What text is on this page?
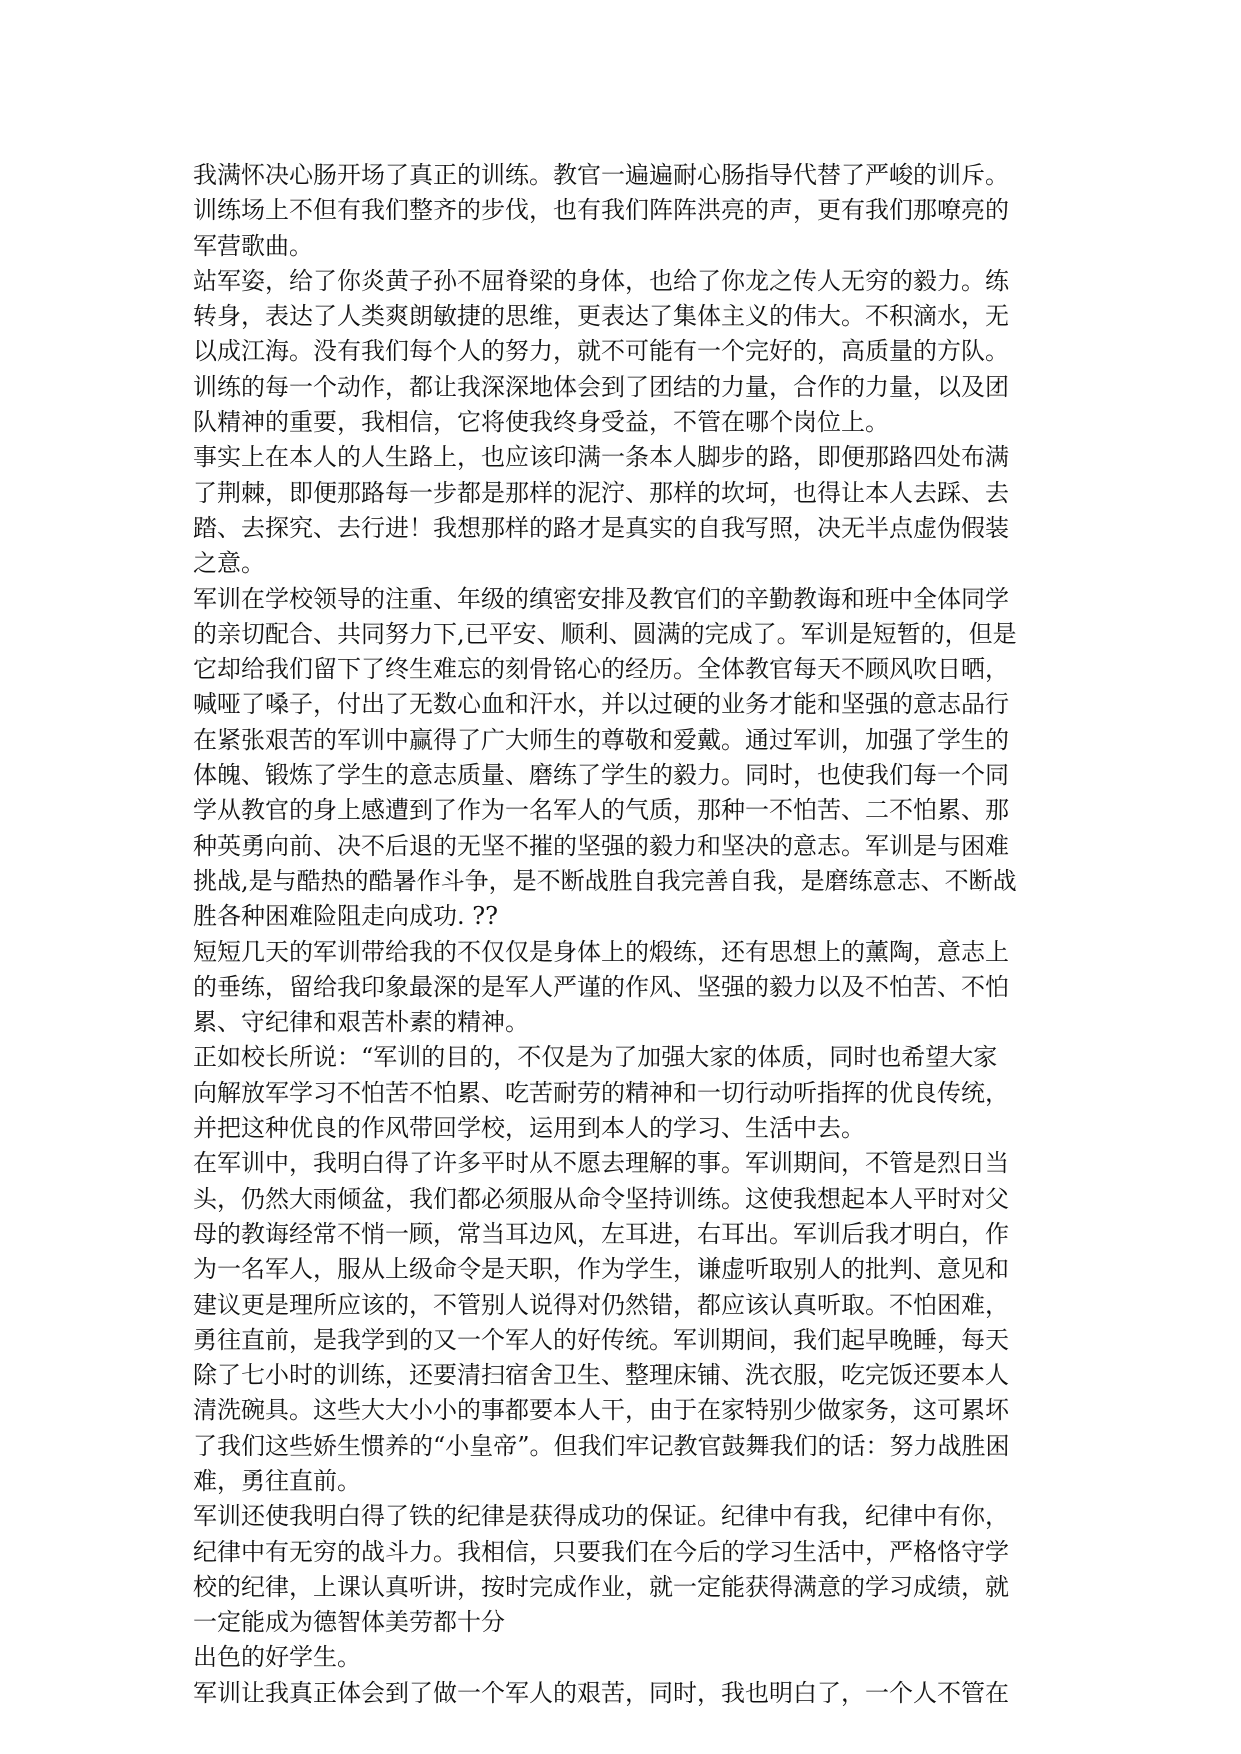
我满怀决心肠开场了真正的训练。教官一遍遍耐心肠指导代替了严峻的训斥。
训练场上不但有我们整齐的步伐，也有我们阵阵洪亮的声，更有我们那嘹亮的
军营歌曲。
站军姿，给了你炎黄子孙不屈脊梁的身体，也给了你龙之传人无穷的毅力。练
转身，表达了人类爽朗敏捷的思维，更表达了集体主义的伟大。不积滴水，无
以成江海。没有我们每个人的努力，就不可能有一个完好的，高质量的方队。
训练的每一个动作，都让我深深地体会到了团结的力量，合作的力量，以及团
队精神的重要，我相信，它将使我终身受益，不管在哪个岗位上。
事实上在本人的人生路上，也应该印满一条本人脚步的路，即便那路四处布满
了荆棘，即便那路每一步都是那样的泥泞、那样的坎坷，也得让本人去踩、去
踏、去探究、去行进！我想那样的路才是真实的自我写照，决无半点虚伪假装
之意。
军训在学校领导的注重、年级的缜密安排及教官们的辛勤教诲和班中全体同学
的亲切配合、共同努力下,已平安、顺利、圆满的完成了。军训是短暂的，但是
它却给我们留下了终生难忘的刻骨铭心的经历。全体教官每天不顾风吹日晒，
喊哑了嗓子，付出了无数心血和汗水，并以过硬的业务才能和坚强的意志品行
在紧张艰苦的军训中赢得了广大师生的尊敬和爱戴。通过军训，加强了学生的
体魄、锻炼了学生的意志质量、磨练了学生的毅力。同时，也使我们每一个同
学从教官的身上感遭到了作为一名军人的气质，那种一不怕苦、二不怕累、那
种英勇向前、决不后退的无坚不摧的坚强的毅力和坚决的意志。军训是与困难
挑战,是与酷热的酷暑作斗争，是不断战胜自我完善自我，是磨练意志、不断战
胜各种困难险阻走向成功. ??
短短几天的军训带给我的不仅仅是身体上的煅练，还有思想上的薰陶，意志上
的垂练，留给我印象最深的是军人严谨的作风、坚强的毅力以及不怕苦、不怕
累、守纪律和艰苦朴素的精神。
正如校长所说：“军训的目的，不仅是为了加强大家的体质，同时也希望大家
向解放军学习不怕苦不怕累、吃苦耐劳的精神和一切行动听指挥的优良传统，
并把这种优良的作风带回学校，运用到本人的学习、生活中去。
在军训中，我明白得了许多平时从不愿去理解的事。军训期间，不管是烈日当
头，仍然大雨倾盆，我们都必须服从命令坚持训练。这使我想起本人平时对父
母的教诲经常不悄一顾，常当耳边风，左耳进，右耳出。军训后我才明白，作
为一名军人，服从上级命令是天职，作为学生，谦虚听取别人的批判、意见和
建议更是理所应该的，不管别人说得对仍然错，都应该认真听取。不怕困难，
勇往直前，是我学到的又一个军人的好传统。军训期间，我们起早晚睡，每天
除了七小时的训练，还要清扫宿舍卫生、整理床铺、洗衣服，吃完饭还要本人
清洗碗具。这些大大小小的事都要本人干，由于在家特别少做家务，这可累坏
了我们这些娇生惯养的“小皇帝”。但我们牢记教官鼓舞我们的话：努力战胜困
难，勇往直前。
军训还使我明白得了铁的纪律是获得成功的保证。纪律中有我，纪律中有你，
纪律中有无穷的战斗力。我相信，只要我们在今后的学习生活中，严格恪守学
校的纪律，上课认真听讲，按时完成作业，就一定能获得满意的学习成绩，就
一定能成为德智体美劳都十分
出色的好学生。
军训让我真正体会到了做一个军人的艰苦，同时，我也明白了，一个人不管在
